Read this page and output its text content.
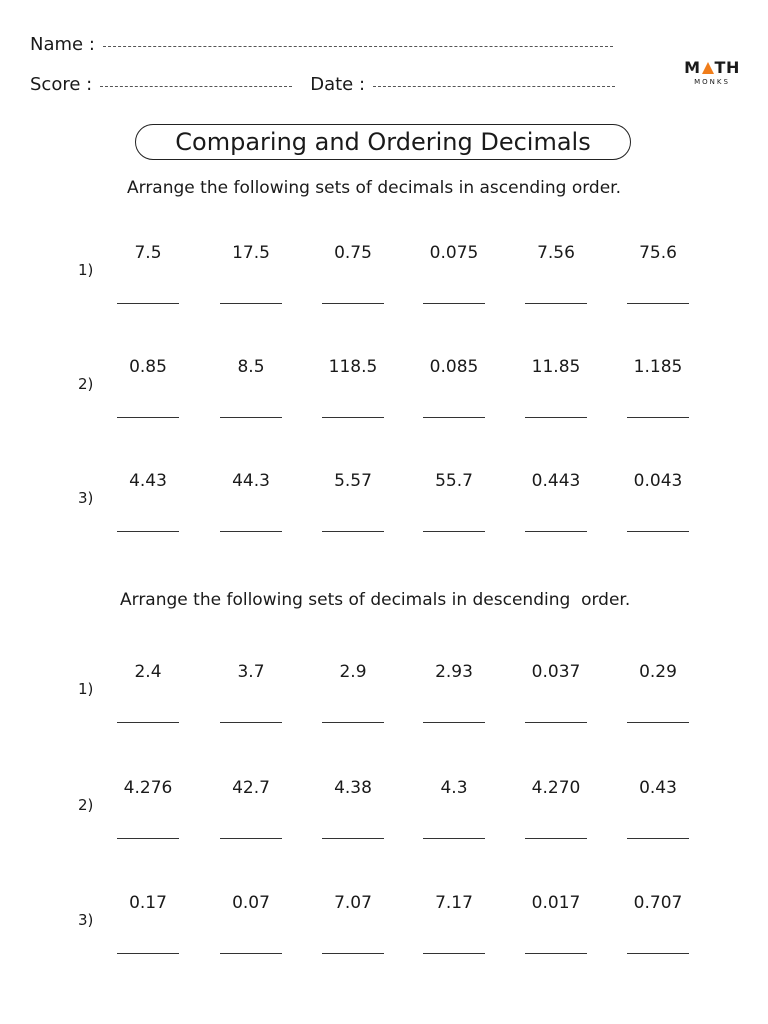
Name :
Score :	Date :
M TH
MONKS
Comparing and Ordering Decimals
Arrange the following sets of decimals in ascending order.
Arrange the following sets of decimals in descending  order.
1)
7.5	17.5	0.75	0.075	7.56	75.6
2)
0.85	8.5	118.5	0.085	11.85	1.185
3)
4.43	44.3	5.57	55.7	0.443	0.043
1)
2.4	3.7	2.9	2.93	0.037	0.29
2)
4.276	42.7	4.38	4.3	4.270	0.43
3)
0.17	0.07	7.07	7.17	0.017	0.707
